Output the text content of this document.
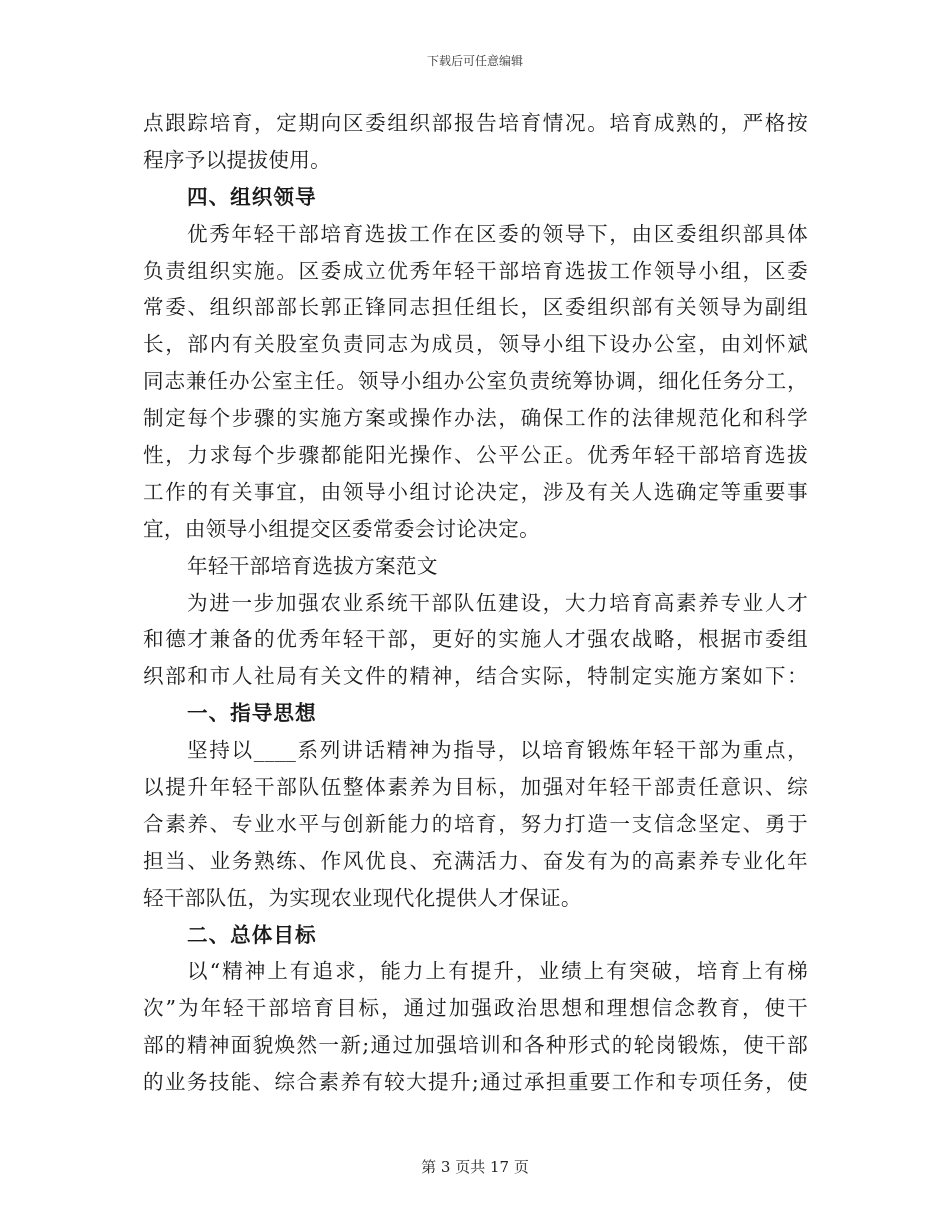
下载后可任意编辑
点跟踪培育，定期向区委组织部报告培育情况。培育成熟的，严格按
程序予以提拔使用。
四、组织领导
优秀年轻干部培育选拔工作在区委的领导下，由区委组织部具体
负责组织实施。区委成立优秀年轻干部培育选拔工作领导小组，区委
常委、组织部部长郭正锋同志担任组长，区委组织部有关领导为副组
长，部内有关股室负责同志为成员，领导小组下设办公室，由刘怀斌
同志兼任办公室主任。领导小组办公室负责统筹协调，细化任务分工，
制定每个步骤的实施方案或操作办法，确保工作的法律规范化和科学
性，力求每个步骤都能阳光操作、公平公正。优秀年轻干部培育选拔
工作的有关事宜，由领导小组讨论决定，涉及有关人选确定等重要事
宜，由领导小组提交区委常委会讨论决定。
年轻干部培育选拔方案范文
为进一步加强农业系统干部队伍建设，大力培育高素养专业人才
和德才兼备的优秀年轻干部，更好的实施人才强农战略，根据市委组
织部和市人社局有关文件的精神，结合实际，特制定实施方案如下：
一、指导思想
坚持以____系列讲话精神为指导，以培育锻炼年轻干部为重点，
以提升年轻干部队伍整体素养为目标，加强对年轻干部责任意识、综
合素养、专业水平与创新能力的培育，努力打造一支信念坚定、勇于
担当、业务熟练、作风优良、充满活力、奋发有为的高素养专业化年
轻干部队伍，为实现农业现代化提供人才保证。
二、总体目标
以“精神上有追求，能力上有提升，业绩上有突破，培育上有梯
次”为年轻干部培育目标，通过加强政治思想和理想信念教育，使干
部的精神面貌焕然一新;通过加强培训和各种形式的轮岗锻炼，使干部
的业务技能、综合素养有较大提升;通过承担重要工作和专项任务，使
第 3 页共 17 页
